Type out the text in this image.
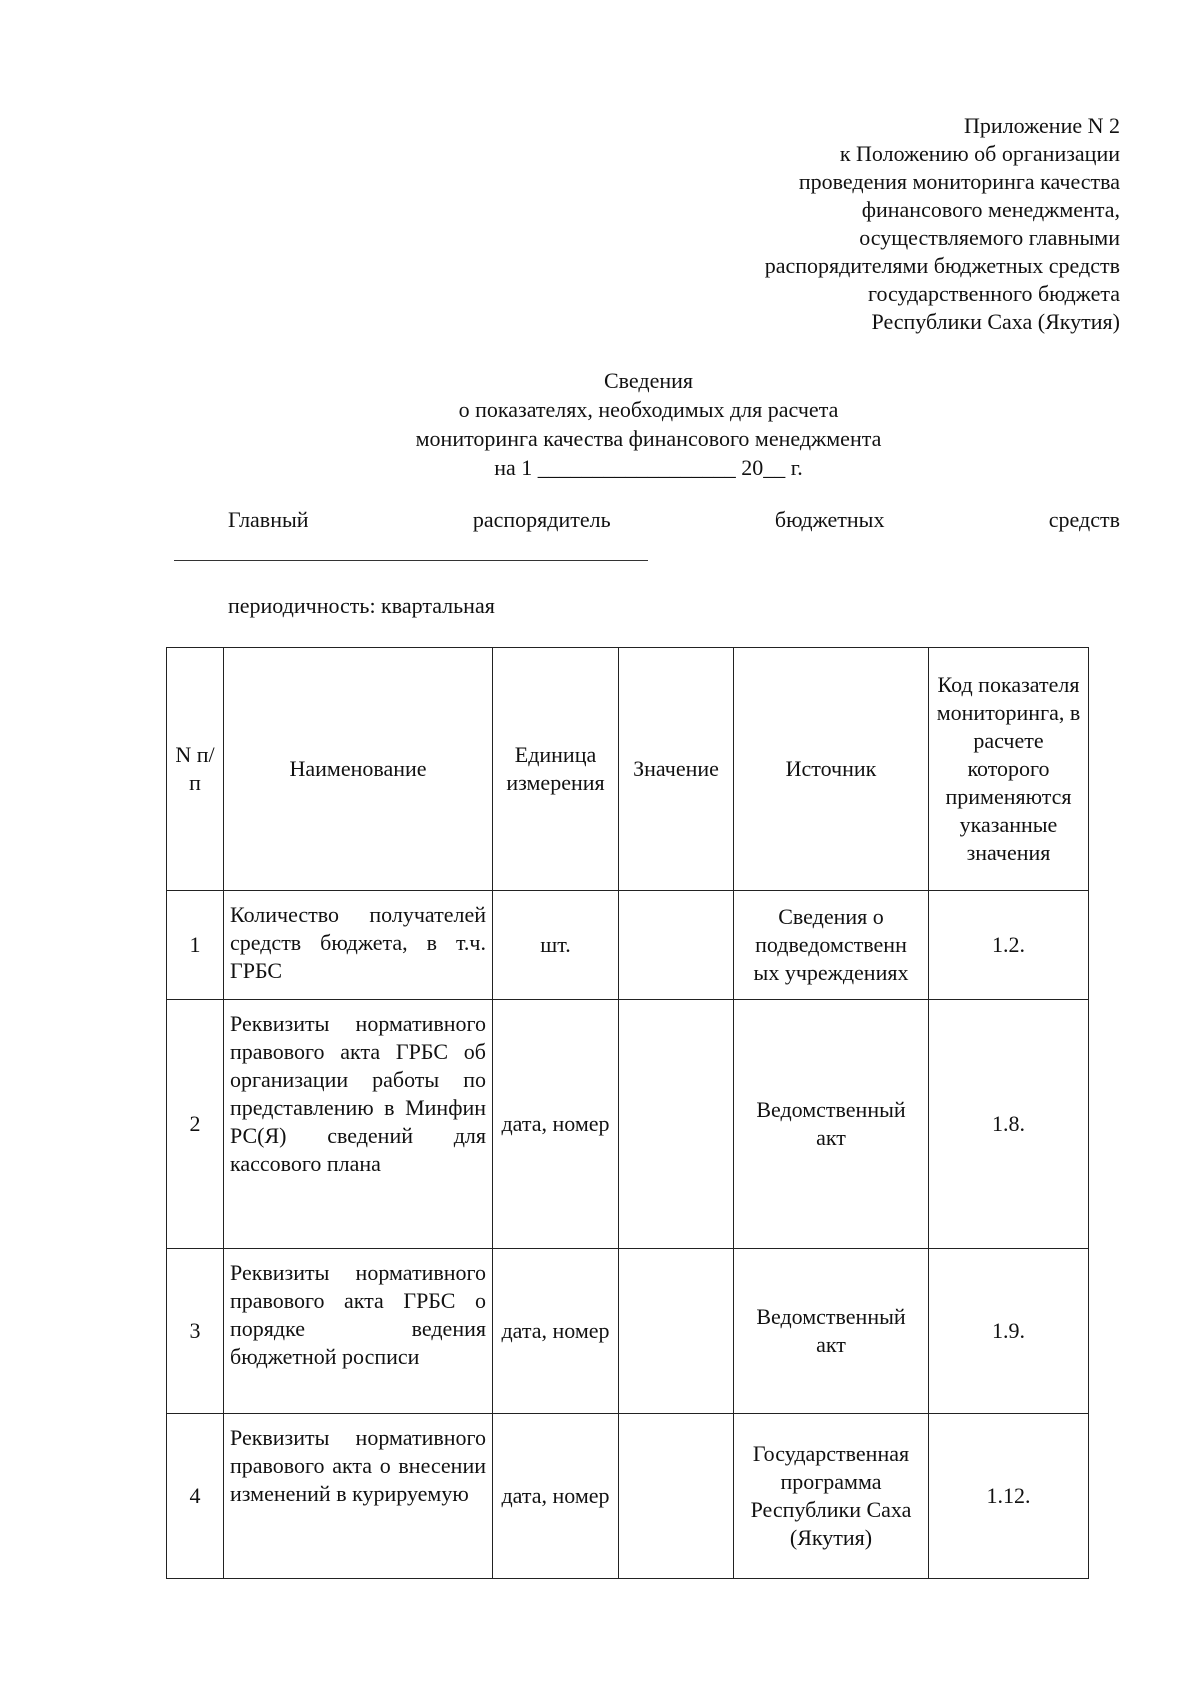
Приложение N 2
к Положению об организации
проведения мониторинга качества
финансового менеджмента,
осуществляемого главными
распорядителями бюджетных средств
государственного бюджета
Республики Саха (Якутия)
Сведения
о показателях, необходимых для расчета
мониторинга качества финансового менеджмента
на 1 __________________ 20__ г.
Главный	распорядитель	бюджетных	средств
периодичность: квартальная
N п/п	Наименование	Единица измерения	Значение	Источник	Код показателя мониторинга, в расчете которого применяются указанные значения
1	Количество получателей средств бюджета, в т.ч. ГРБС	шт.		Сведения о подведомственн ых учреждениях	1.2.
2	Реквизиты нормативного правового акта ГРБС об организации работы по представлению в Минфин РС(Я) сведений для кассового плана	дата, номер		Ведомственный акт	1.8.
3	Реквизиты нормативного правового акта ГРБС о порядке ведения бюджетной росписи	дата, номер		Ведомственный акт	1.9.
4	Реквизиты нормативного правового акта о внесении изменений в курируемую	дата, номер		Государственная программа Республики Саха (Якутия)	1.12.
